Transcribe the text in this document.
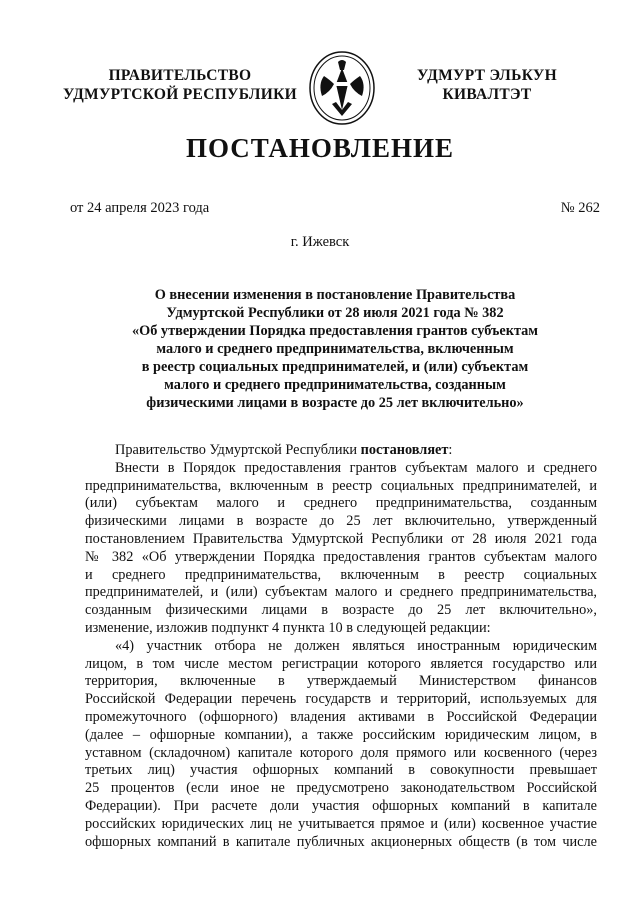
ПРАВИТЕЛЬСТВО
УДМУРТСКОЙ РЕСПУБЛИКИ
УДМУРТ ЭЛЬКУН
КИВАЛТЭТ
ПОСТАНОВЛЕНИЕ
от 24 апреля 2023 года	№ 262
г. Ижевск
О внесении изменения в постановление Правительства
Удмуртской Республики от 28 июля 2021 года № 382
«Об утверждении Порядка предоставления грантов субъектам
малого и среднего предпринимательства, включенным
в реестр социальных предпринимателей, и (или) субъектам
малого и среднего предпринимательства, созданным
физическими лицами в возрасте до 25 лет включительно»
Правительство Удмуртской Республики постановляет:
Внести в Порядок предоставления грантов субъектам малого и среднего
предпринимательства, включенным в реестр социальных предпринимателей, и
(или) субъектам малого и среднего предпринимательства, созданным
физическими лицами в возрасте до 25 лет включительно, утвержденный
постановлением Правительства Удмуртской Республики от 28 июля 2021 года
№ 382 «Об утверждении Порядка предоставления грантов субъектам малого
и среднего предпринимательства, включенным в реестр социальных
предпринимателей, и (или) субъектам малого и среднего предпринимательства,
созданным физическими лицами в возрасте до 25 лет включительно»,
изменение, изложив подпункт 4 пункта 10 в следующей редакции:
«4) участник отбора не должен являться иностранным юридическим
лицом, в том числе местом регистрации которого является государство или
территория, включенные в утверждаемый Министерством финансов
Российской Федерации перечень государств и территорий, используемых для
промежуточного (офшорного) владения активами в Российской Федерации
(далее – офшорные компании), а также российским юридическим лицом, в
уставном (складочном) капитале которого доля прямого или косвенного (через
третьих лиц) участия офшорных компаний в совокупности превышает
25 процентов (если иное не предусмотрено законодательством Российской
Федерации). При расчете доли участия офшорных компаний в капитале
российских юридических лиц не учитывается прямое и (или) косвенное участие
офшорных компаний в капитале публичных акционерных обществ (в том числе
